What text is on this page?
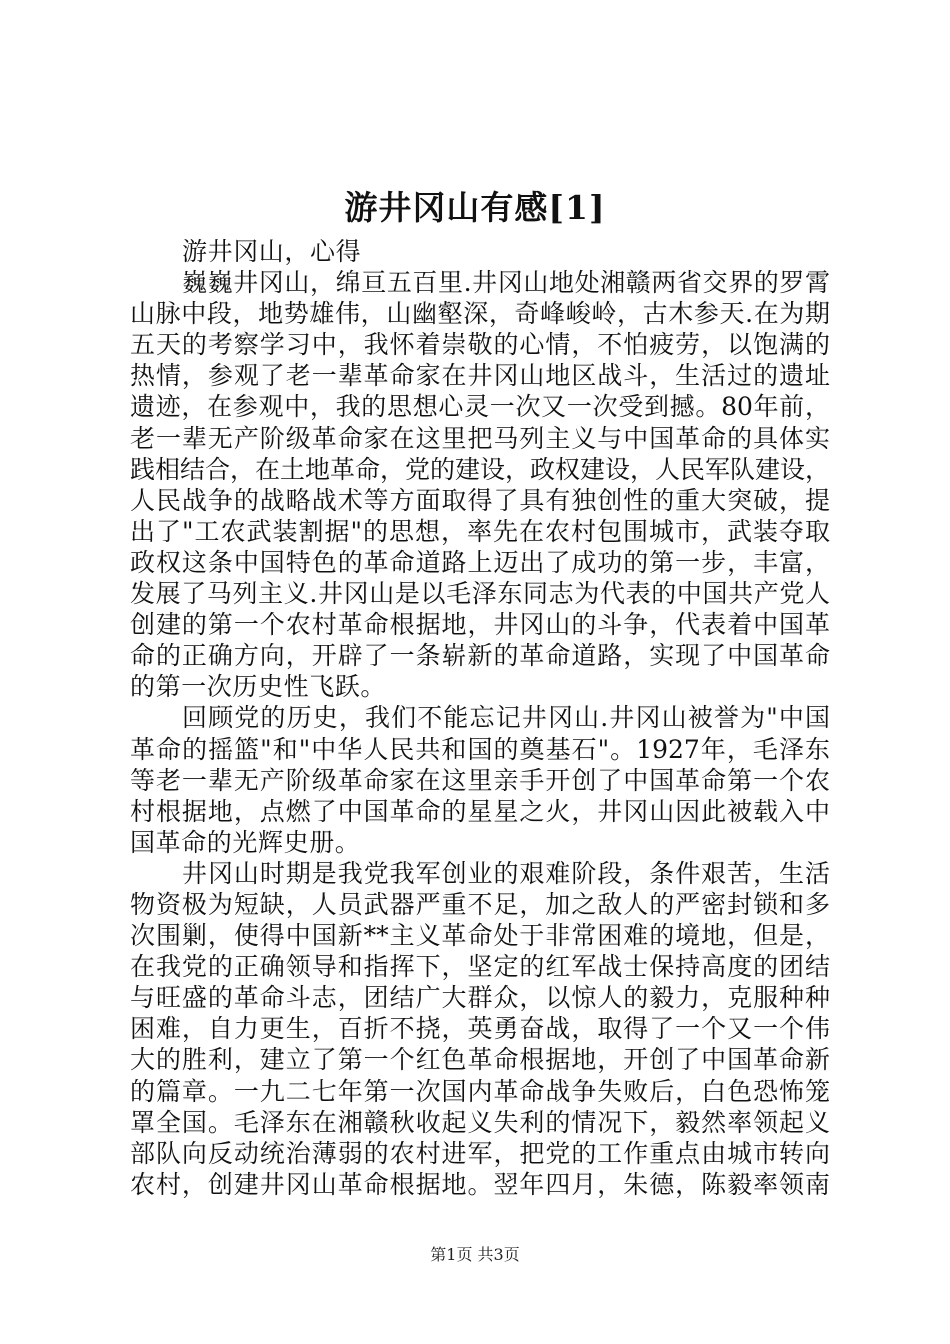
游井冈山有感[1]
游井冈山，心得
巍巍井冈山，绵亘五百里.井冈山地处湘赣两省交界的罗霄
山脉中段，地势雄伟，山幽壑深，奇峰峻岭，古木参天.在为期
五天的考察学习中，我怀着崇敬的心情，不怕疲劳，以饱满的
热情，参观了老一辈革命家在井冈山地区战斗，生活过的遗址
遗迹，在参观中，我的思想心灵一次又一次受到撼。80年前，
老一辈无产阶级革命家在这里把马列主义与中国革命的具体实
践相结合，在土地革命，党的建设，政权建设，人民军队建设，
人民战争的战略战术等方面取得了具有独创性的重大突破，提
出了"工农武装割据"的思想，率先在农村包围城市，武装夺取
政权这条中国特色的革命道路上迈出了成功的第一步，丰富，
发展了马列主义.井冈山是以毛泽东同志为代表的中国共产党人
创建的第一个农村革命根据地，井冈山的斗争，代表着中国革
命的正确方向，开辟了一条崭新的革命道路，实现了中国革命
的第一次历史性飞跃。
回顾党的历史，我们不能忘记井冈山.井冈山被誉为"中国
革命的摇篮"和"中华人民共和国的奠基石"。1927年，毛泽东
等老一辈无产阶级革命家在这里亲手开创了中国革命第一个农
村根据地，点燃了中国革命的星星之火，井冈山因此被载入中
国革命的光辉史册。
井冈山时期是我党我军创业的艰难阶段，条件艰苦，生活
物资极为短缺，人员武器严重不足，加之敌人的严密封锁和多
次围剿，使得中国新**主义革命处于非常困难的境地，但是，
在我党的正确领导和指挥下，坚定的红军战士保持高度的团结
与旺盛的革命斗志，团结广大群众，以惊人的毅力，克服种种
困难，自力更生，百折不挠，英勇奋战，取得了一个又一个伟
大的胜利，建立了第一个红色革命根据地，开创了中国革命新
的篇章。一九二七年第一次国内革命战争失败后，白色恐怖笼
罩全国。毛泽东在湘赣秋收起义失利的情况下，毅然率领起义
部队向反动统治薄弱的农村进军，把党的工作重点由城市转向
农村，创建井冈山革命根据地。翌年四月，朱德，陈毅率领南
第1页 共3页
